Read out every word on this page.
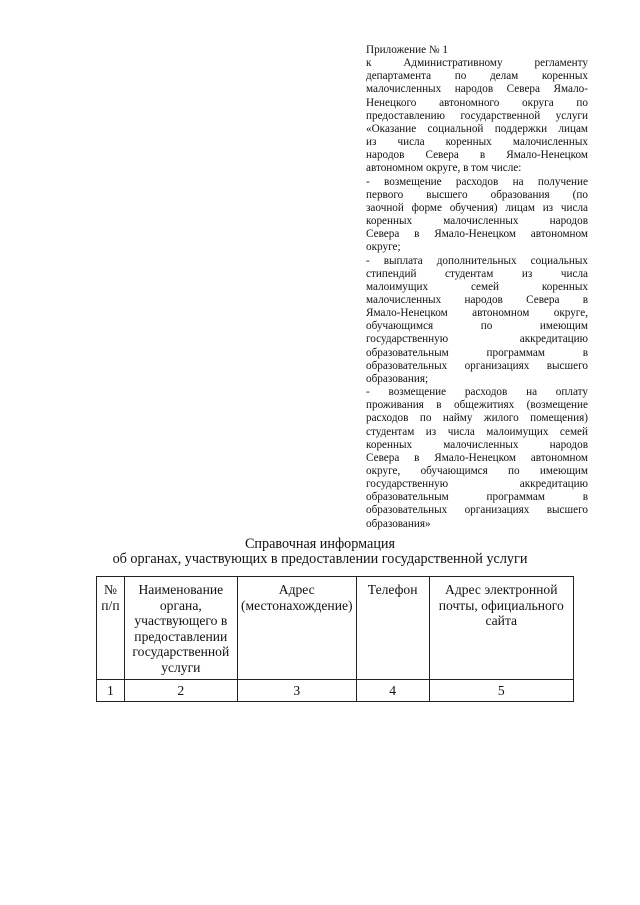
Приложение № 1
к Административному регламенту
департамента по делам коренных
малочисленных народов Севера Ямало-
Ненецкого автономного округа по
предоставлению государственной услуги
«Оказание социальной поддержки лицам
из числа коренных малочисленных
народов Севера в Ямало-Ненецком
автономном округе, в том числе:
- возмещение расходов на получение
первого высшего образования (по
заочной форме обучения) лицам из числа
коренных малочисленных народов
Севера в Ямало-Ненецком автономном
округе;
- выплата дополнительных социальных
стипендий студентам из числа
малоимущих семей коренных
малочисленных народов Севера в
Ямало-Ненецком автономном округе,
обучающимся по имеющим
государственную аккредитацию
образовательным программам в
образовательных организациях высшего
образования;
- возмещение расходов на оплату
проживания в общежитиях (возмещение
расходов по найму жилого помещения)
студентам из числа малоимущих семей
коренных малочисленных народов
Севера в Ямало-Ненецком автономном
округе, обучающимся по имеющим
государственную аккредитацию
образовательным программам в
образовательных организациях высшего
образования»
Справочная информация
об органах, участвующих в предоставлении государственной услуги
№ п/п	Наименование органа, участвующего в предоставлении государственной услуги	Адрес (местонахождение)	Телефон	Адрес электронной почты, официального сайта
1	2	3	4	5
